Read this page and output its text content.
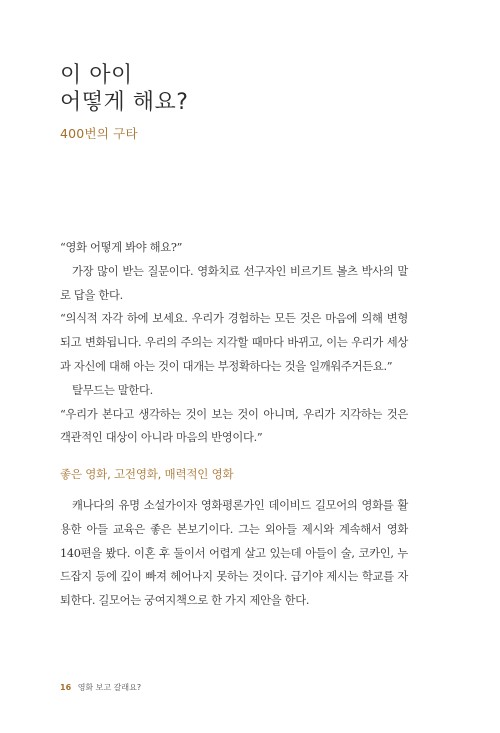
이 아이
어떻게 해요?
400번의 구타

“영화 어떻게 봐야 해요?”

가장 많이 받는 질문이다. 영화치료 선구자인 비르기트 볼츠 박사의 말로 답을 한다.

“의식적 자각 하에 보세요. 우리가 경험하는 모든 것은 마음에 의해 변형되고 변화됩니다. 우리의 주의는 지각할 때마다 바뀌고, 이는 우리가 세상과 자신에 대해 아는 것이 대개는 부정확하다는 것을 일깨워주거든요.”

탈무드는 말한다.

“우리가 본다고 생각하는 것이 보는 것이 아니며, 우리가 지각하는 것은 객관적인 대상이 아니라 마음의 반영이다.”

좋은 영화, 고전영화, 매력적인 영화

캐나다의 유명 소설가이자 영화평론가인 데이비드 길모어의 영화를 활용한 아들 교육은 좋은 본보기이다. 그는 외아들 제시와 계속해서 영화 140편을 봤다. 이혼 후 둘이서 어렵게 살고 있는데 아들이 술, 코카인, 누드잡지 등에 깊이 빠져 헤어나지 못하는 것이다. 급기야 제시는 학교를 자퇴한다. 길모어는 궁여지책으로 한 가지 제안을 한다.

16 영화 보고 갈래요?
